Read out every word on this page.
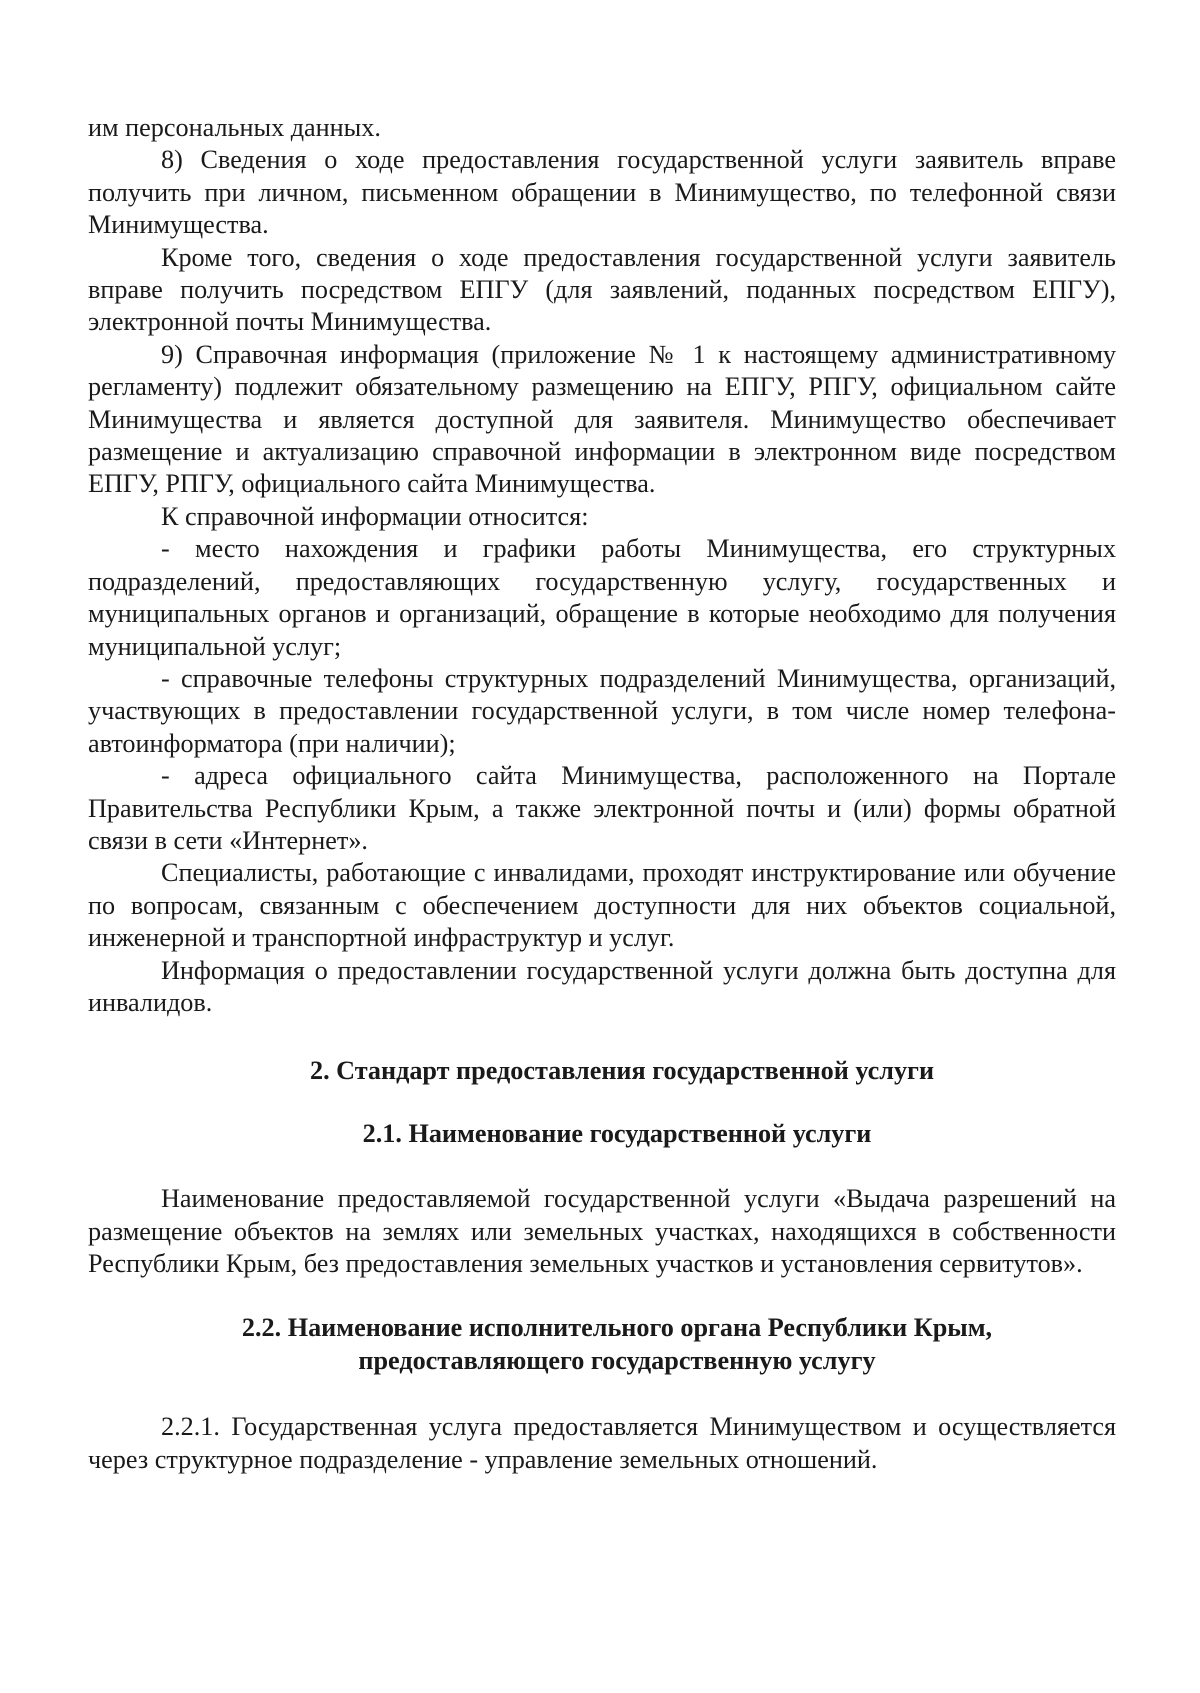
им персональных данных.

8) Сведения о ходе предоставления государственной услуги заявитель вправе получить при личном, письменном обращении в Минимущество, по телефонной связи Минимущества.

Кроме того, сведения о ходе предоставления государственной услуги заявитель вправе получить посредством ЕПГУ (для заявлений, поданных посредством ЕПГУ), электронной почты Минимущества.

9) Справочная информация (приложение № 1 к настоящему административному регламенту) подлежит обязательному размещению на ЕПГУ, РПГУ, официальном сайте Минимущества и является доступной для заявителя. Минимущество обеспечивает размещение и актуализацию справочной информации в электронном виде посредством ЕПГУ, РПГУ, официального сайта Минимущества.

К справочной информации относится:

- место нахождения и графики работы Минимущества, его структурных подразделений, предоставляющих государственную услугу, государственных и муниципальных органов и организаций, обращение в которые необходимо для получения муниципальной услуг;

- справочные телефоны структурных подразделений Минимущества, организаций, участвующих в предоставлении государственной услуги, в том числе номер телефона-автоинформатора (при наличии);

- адреса официального сайта Минимущества, расположенного на Портале Правительства Республики Крым, а также электронной почты и (или) формы обратной связи в сети «Интернет».

Специалисты, работающие с инвалидами, проходят инструктирование или обучение по вопросам, связанным с обеспечением доступности для них объектов социальной, инженерной и транспортной инфраструктур и услуг.

Информация о предоставлении государственной услуги должна быть доступна для инвалидов.

2. Стандарт предоставления государственной услуги

2.1. Наименование государственной услуги

Наименование предоставляемой государственной услуги «Выдача разрешений на размещение объектов на землях или земельных участках, находящихся в собственности Республики Крым, без предоставления земельных участков и установления сервитутов».

2.2. Наименование исполнительного органа Республики Крым,
предоставляющего государственную услугу

2.2.1. Государственная услуга предоставляется Минимуществом и осуществляется через структурное подразделение - управление земельных отношений.
